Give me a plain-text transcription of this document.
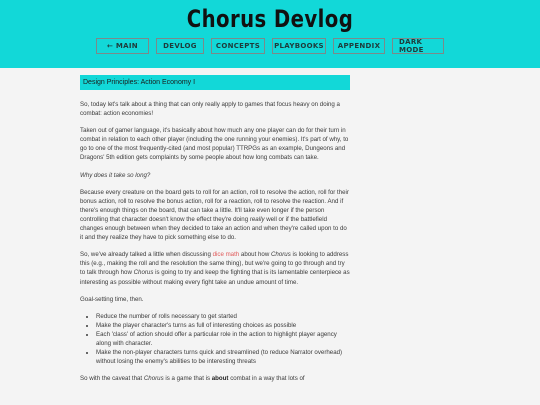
Chorus Devlog
← MAIN	DEVLOG	CONCEPTS	PLAYBOOKS	APPENDIX	DARK MODE
Design Principles: Action Economy I

So, today let's talk about a thing that can only really apply to games that focus heavy on doing a combat: action economies!

Taken out of gamer language, it's basically about how much any one player can do for their turn in combat in relation to each other player (including the one running your enemies). It's part of why, to go to one of the most frequently-cited (and most popular) TTRPGs as an example, Dungeons and Dragons' 5th edition gets complaints by some people about how long combats can take.

Why does it take so long?

Because every creature on the board gets to roll for an action, roll to resolve the action, roll for their bonus action, roll to resolve the bonus action, roll for a reaction, roll to resolve the reaction. And if there's enough things on the board, that can take a little. It'll take even longer if the person controlling that character doesn't know the effect they're doing really well or if the battlefield changes enough between when they decided to take an action and when they're called upon to do it and they realize they have to pick something else to do.

So, we've already talked a little when discussing dice math about how Chorus is looking to address this (e.g., making the roll and the resolution the same thing), but we're going to go through and try to talk through how Chorus is going to try and keep the fighting that is its lamentable centerpiece as interesting as possible without making every fight take an undue amount of time.

Goal-setting time, then.

• Reduce the number of rolls necessary to get started
• Make the player character's turns as full of interesting choices as possible
• Each 'class' of action should offer a particular role in the action to highlight player agency along with character.
• Make the non-player characters turns quick and streamlined (to reduce Narrator overhead) without losing the enemy's abilities to be interesting threats

So with the caveat that Chorus is a game that is about combat in a way that lots of
